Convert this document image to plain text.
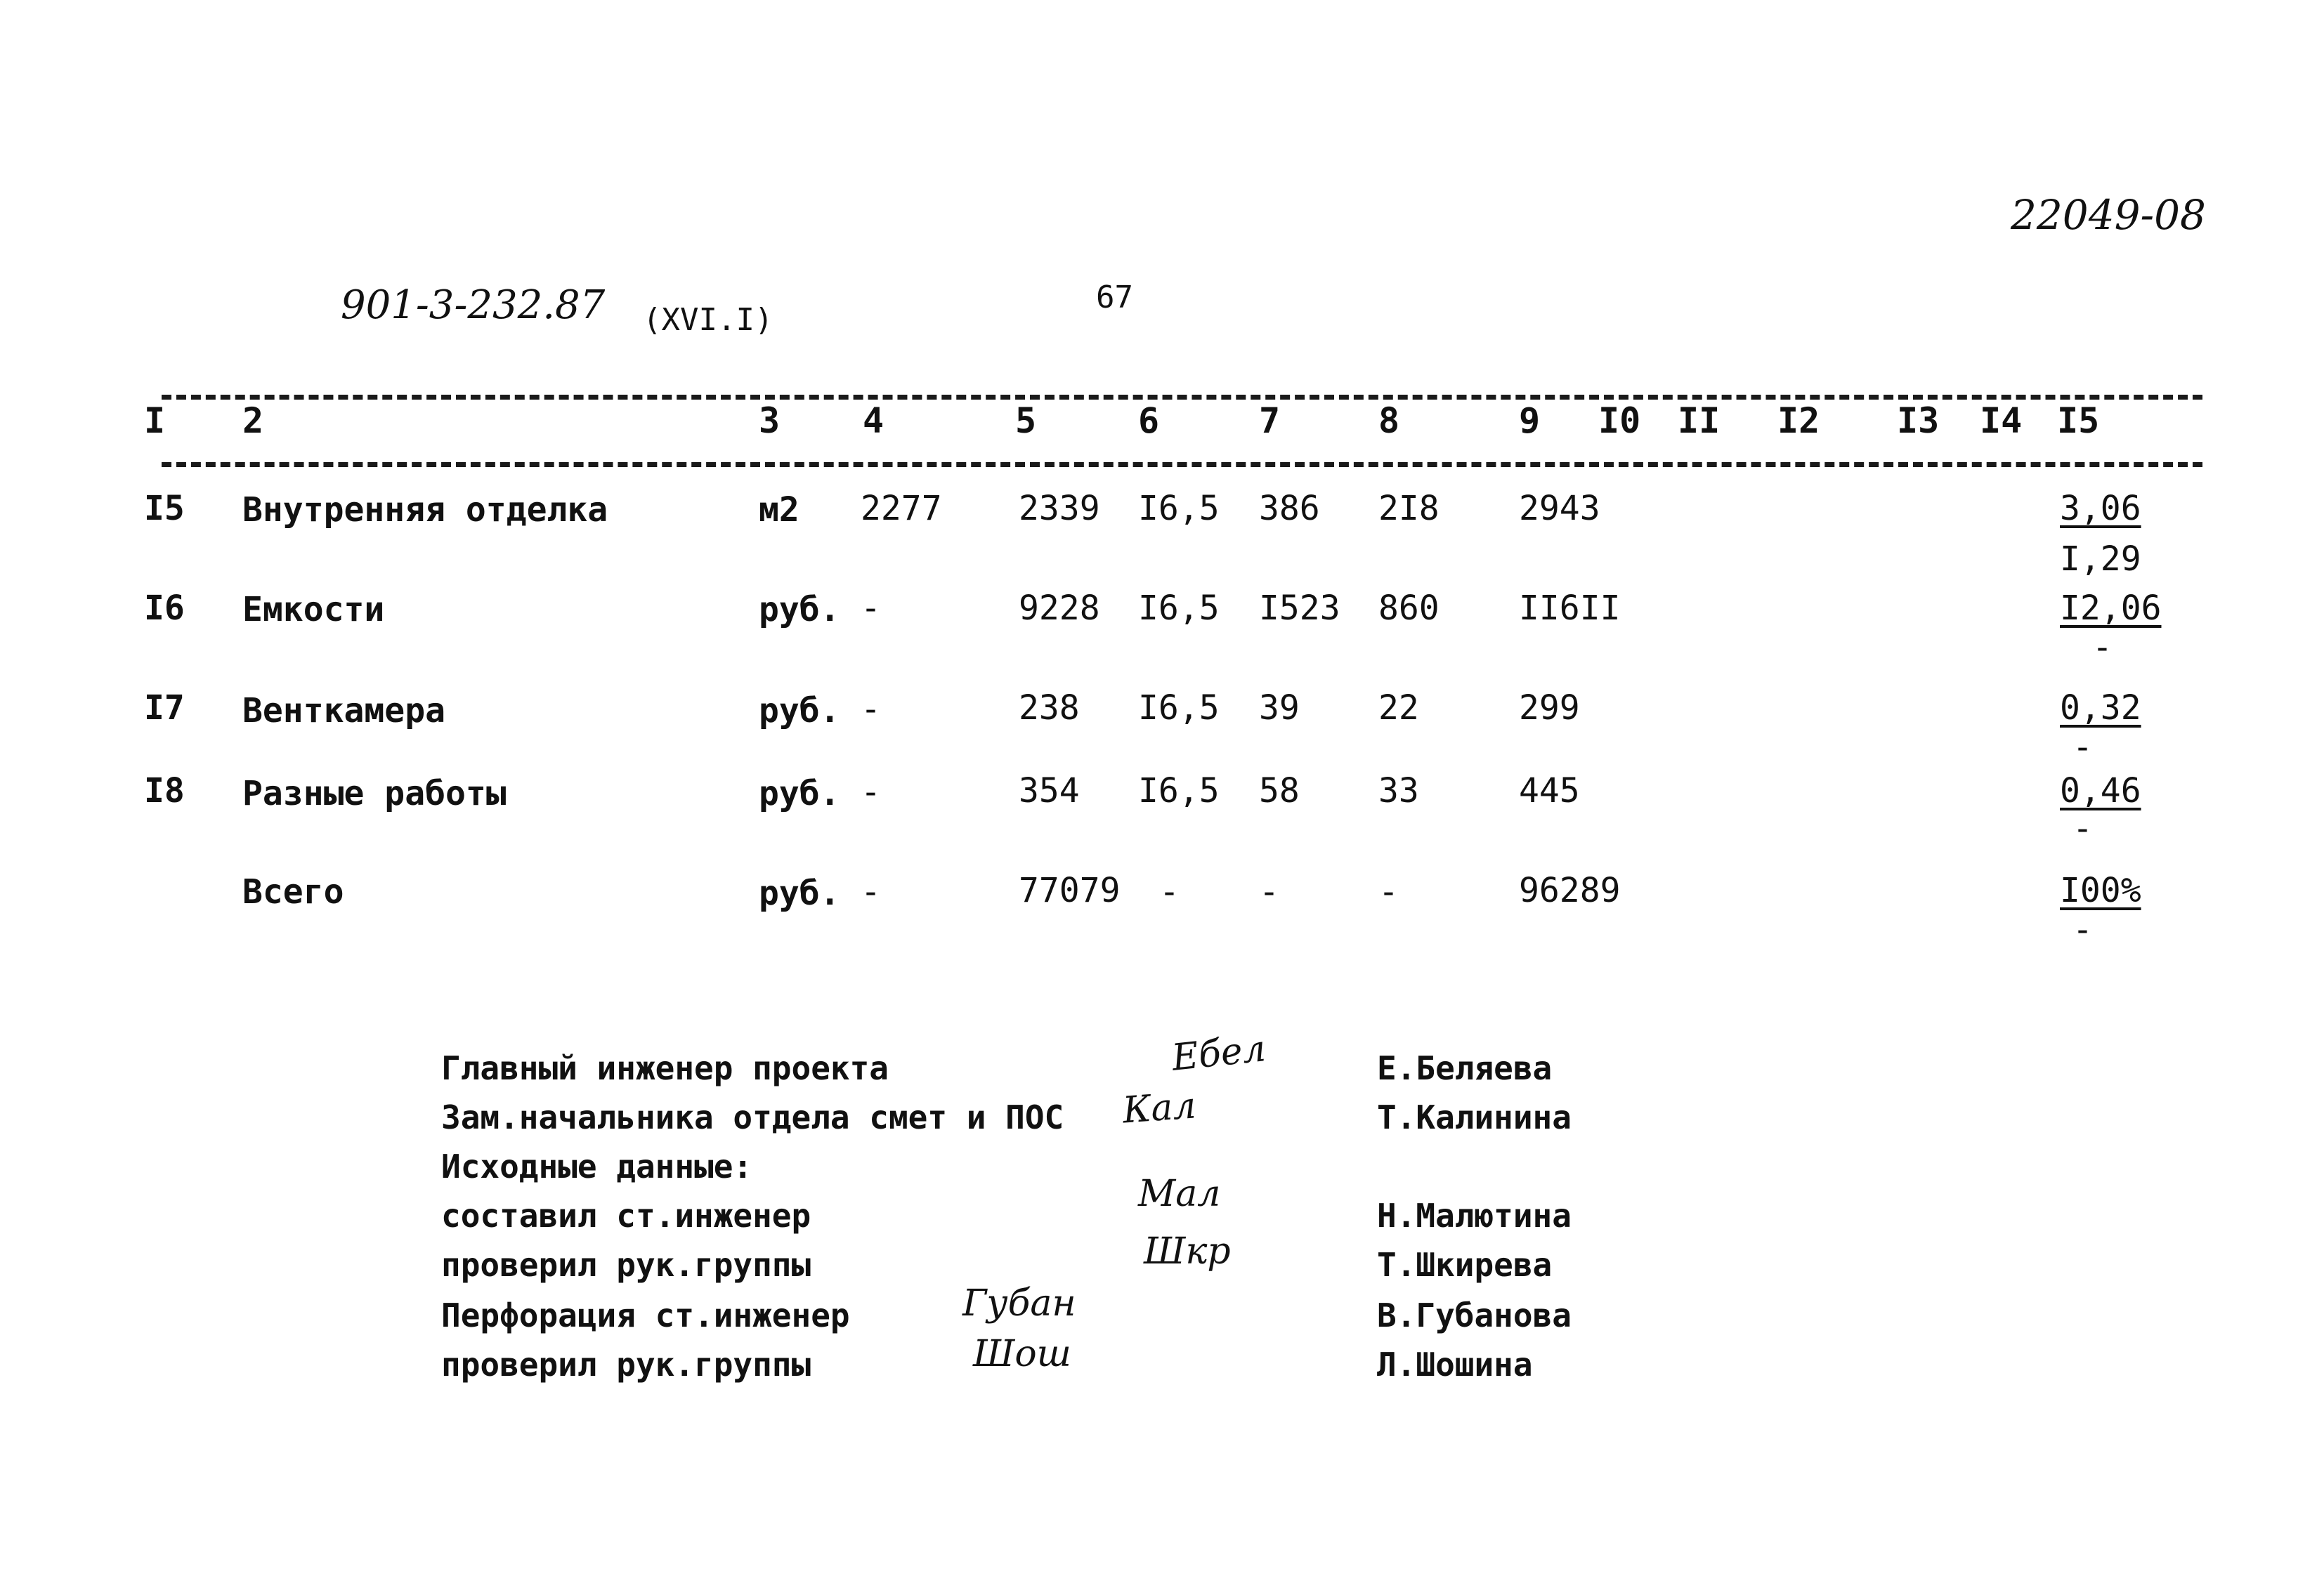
22049-08
901-3-232.87 (XVI.I)
67
I 2	3 4	5	6	7	8	9 I0 II I2 I3 I4 I5
I5 Внутренняя отделка	м2 2277 2339 I6,5 386 2I8 2943	3,06
I,29
I6 Емкости	руб. -	9228 I6,5 I523 860 II6II	I2,06
-
I7 Венткамера	руб. -	238 I6,5 39 22	299	0,32
-
I8 Разные работы	руб. -	354 I6,5 58 33	445	0,46
-
Всего	руб. -	77079 - -	-	96289	I00%
-
Главный инженер проекта	Ебел	Е.Беляева
Зам.начальника отдела смет и ПОС Кал	Т.Калинина
Исходные данные:
составил ст.инженер
Мал
Н.Малютина
проверил рук.группы	Шкр	Т.Шкирева
Перфорация ст.инженер	Губан	В.Губанова
проверил рук.группы	Шош	Л.Шошина
